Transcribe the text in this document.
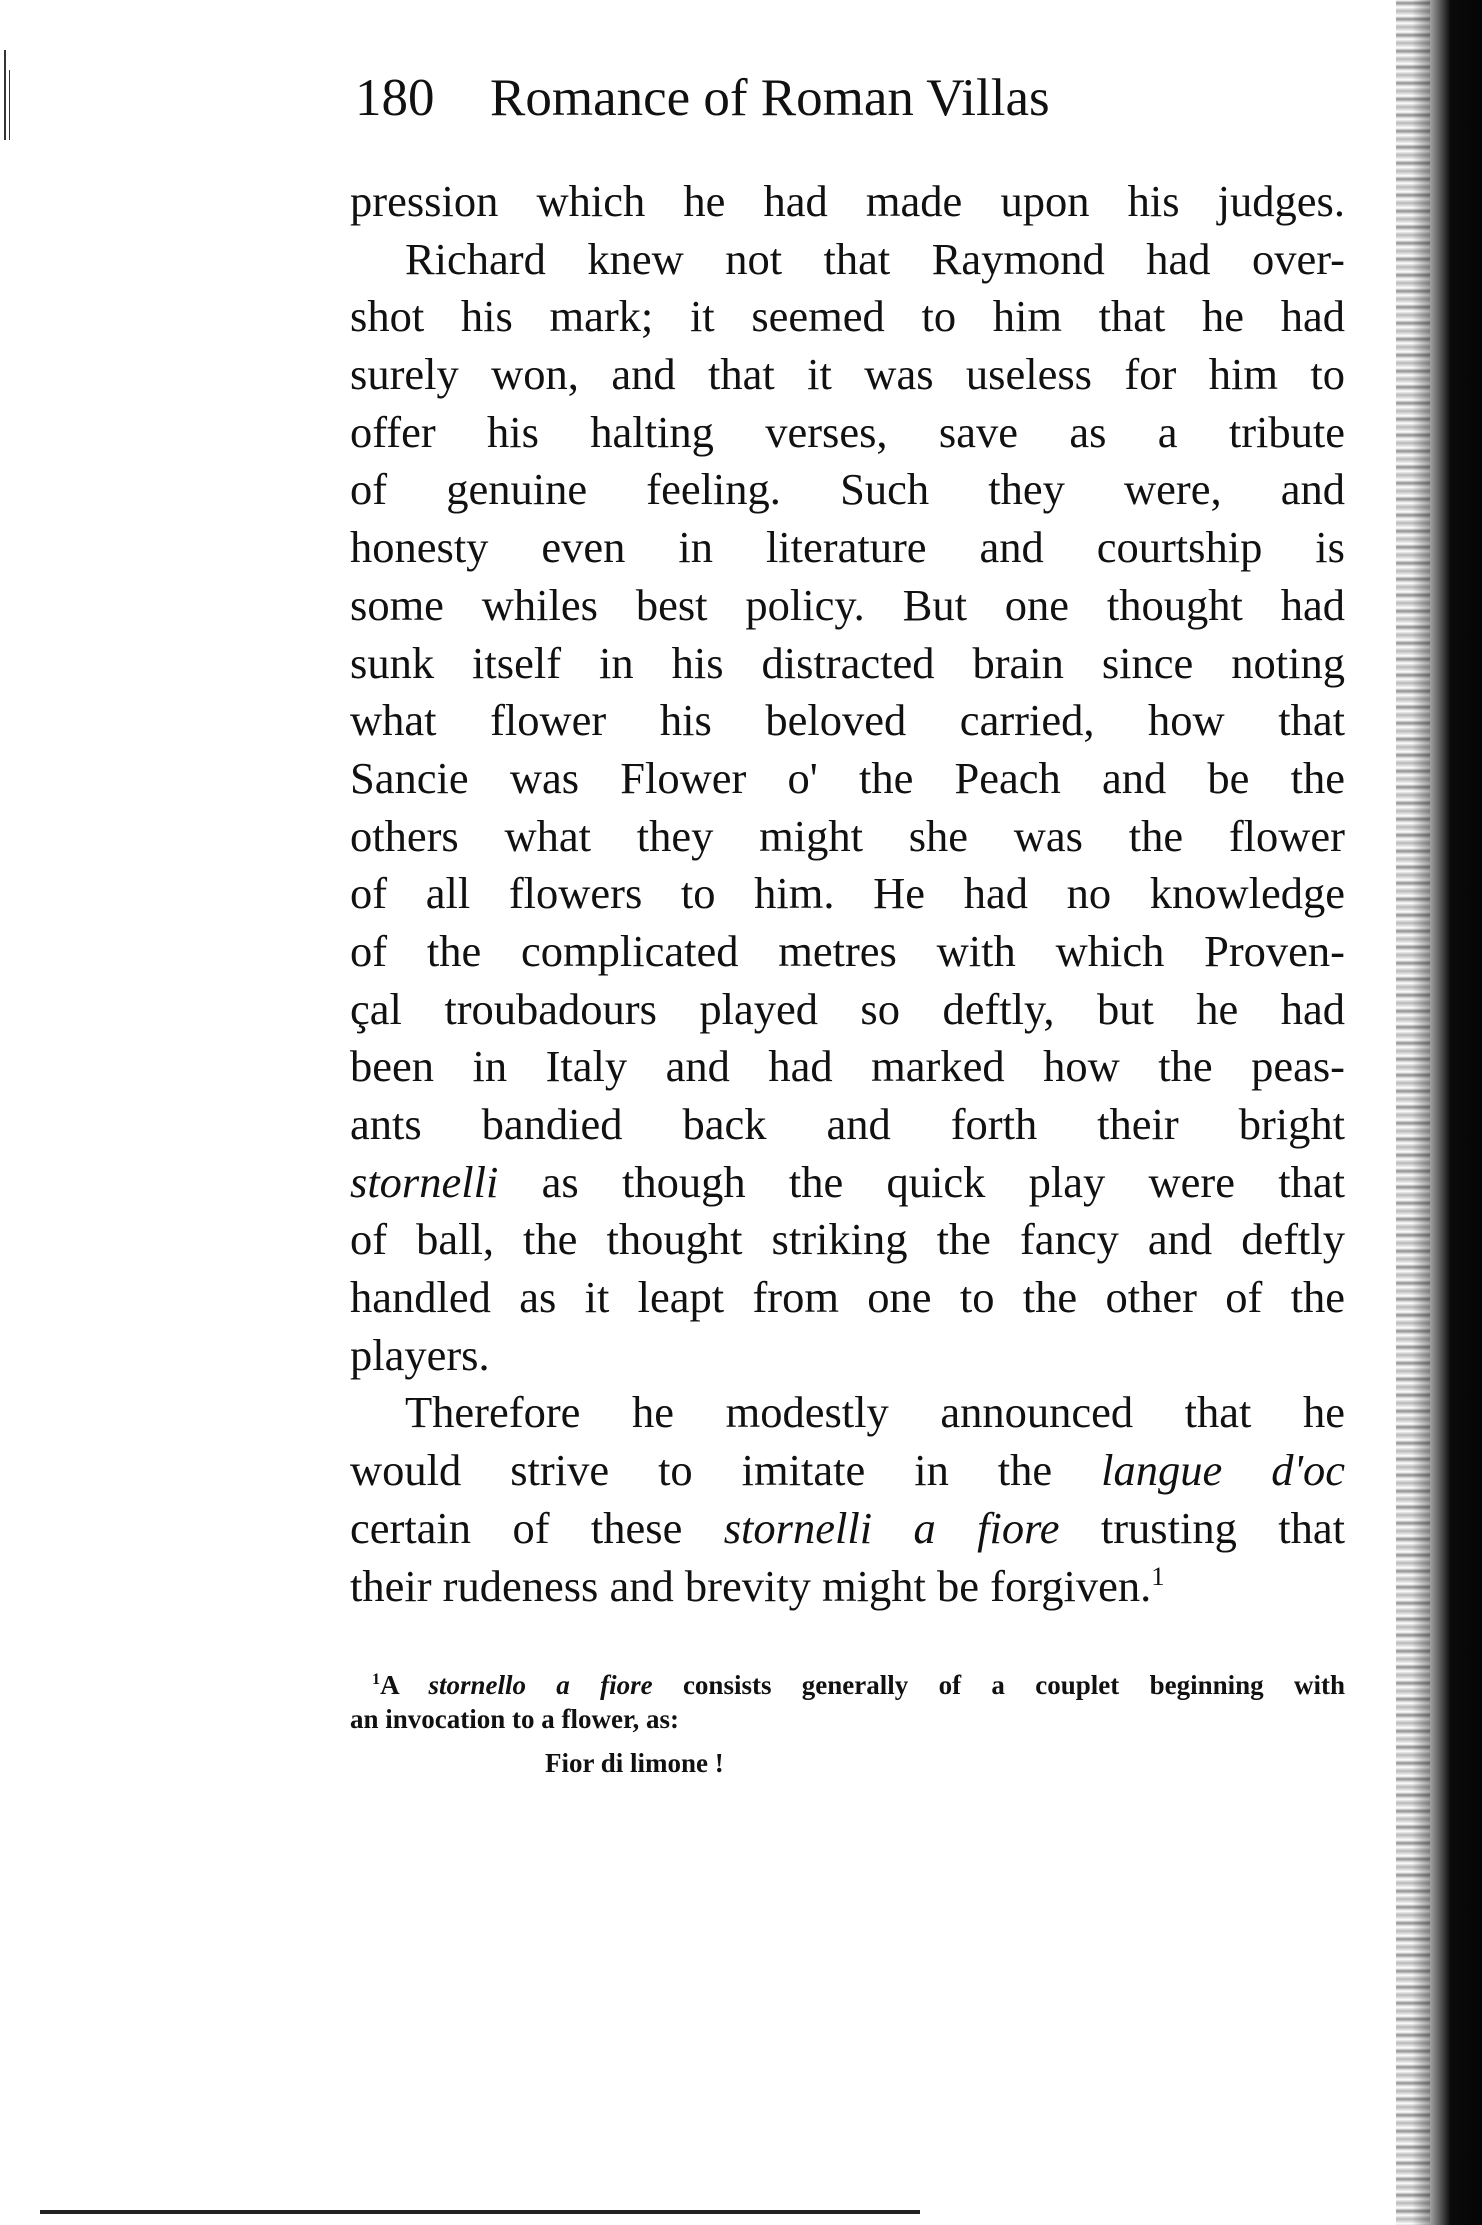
180 Romance of Roman Villas
pression which he had made upon his judges.
Richard knew not that Raymond had over-
shot his mark; it seemed to him that he had
surely won, and that it was useless for him to
offer his halting verses, save as a tribute
of genuine feeling. Such they were, and
honesty even in literature and courtship is
some whiles best policy. But one thought had
sunk itself in his distracted brain since noting
what flower his beloved carried, how that
Sancie was Flower o' the Peach and be the
others what they might she was the flower
of all flowers to him. He had no knowledge
of the complicated metres with which Proven-
çal troubadours played so deftly, but he had
been in Italy and had marked how the peas-
ants bandied back and forth their bright
stornelli as though the quick play were that
of ball, the thought striking the fancy and deftly
handled as it leapt from one to the other of the
players.
Therefore he modestly announced that he
would strive to imitate in the langue d'oc
certain of these stornelli a fiore trusting that
their rudeness and brevity might be forgiven.$^1$
$^1$A stornello a fiore consists generally of a couplet beginning with
an invocation to a flower, as:
Fior di limone !
